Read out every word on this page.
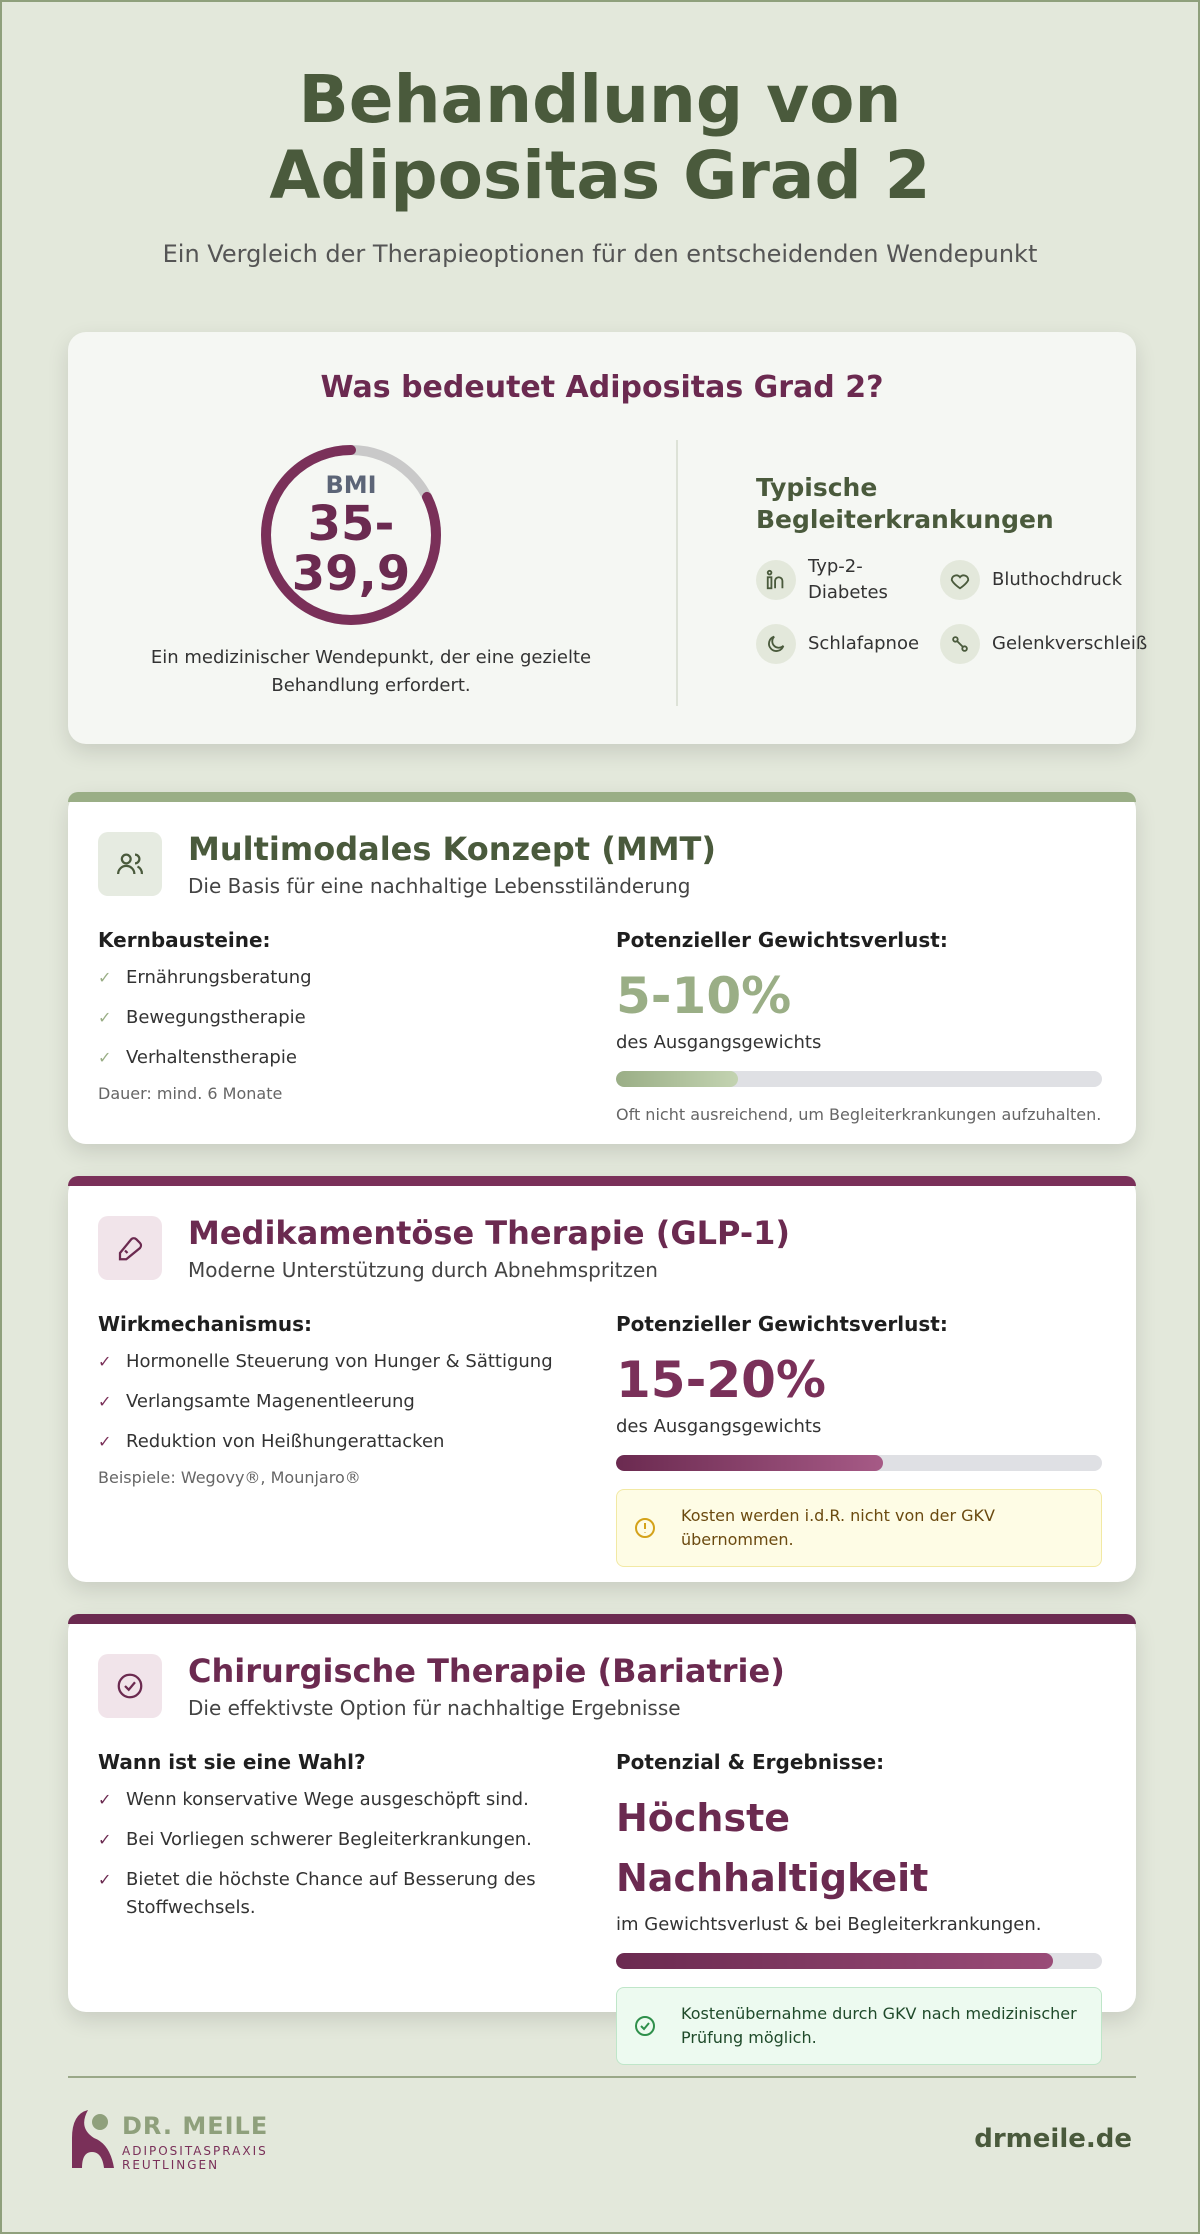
Behandlung von Adipositas Grad 2

Ein Vergleich der Therapieoptionen für den entscheidenden Wendepunkt

Was bedeutet Adipositas Grad 2?
BMI
35-
39,9

Ein medizinischer Wendepunkt, der eine gezielte Behandlung erfordert.

Typische Begleiterkrankungen
Typ-2-Diabetes
Bluthochdruck
Schlafapnoe	Gelenkverschleiß
Multimodales Konzept (MMT)
Die Basis für eine nachhaltige Lebensstiländerung
Kernbausteine:
✓ Ernährungsberatung
✓ Bewegungstherapie
✓ Verhaltenstherapie
Dauer: mind. 6 Monate
Potenzieller Gewichtsverlust:
5-10%
des Ausgangsgewichts
Oft nicht ausreichend, um Begleiterkrankungen aufzuhalten.
Medikamentöse Therapie (GLP-1)
Moderne Unterstützung durch Abnehmspritzen
Wirkmechanismus:
✓ Hormonelle Steuerung von Hunger & Sättigung
✓ Verlangsamte Magenentleerung
✓ Reduktion von Heißhungerattacken
Beispiele: Wegovy®, Mounjaro®
Potenzieller Gewichtsverlust:
15-20%
des Ausgangsgewichts
Kosten werden i.d.R. nicht von der GKV übernommen.
Chirurgische Therapie (Bariatrie)
Die effektivste Option für nachhaltige Ergebnisse
Wann ist sie eine Wahl?
✓ Wenn konservative Wege ausgeschöpft sind.
✓ Bei Vorliegen schwerer Begleiterkrankungen.
✓ Bietet die höchste Chance auf Besserung des Stoffwechsels.
Potenzial & Ergebnisse:
Höchste Nachhaltigkeit
im Gewichtsverlust & bei Begleiterkrankungen.
Kostenübernahme durch GKV nach medizinischer Prüfung möglich.
DR. MEILE
ADIPOSITASPRAXIS
REUTLINGEN
drmeile.de
